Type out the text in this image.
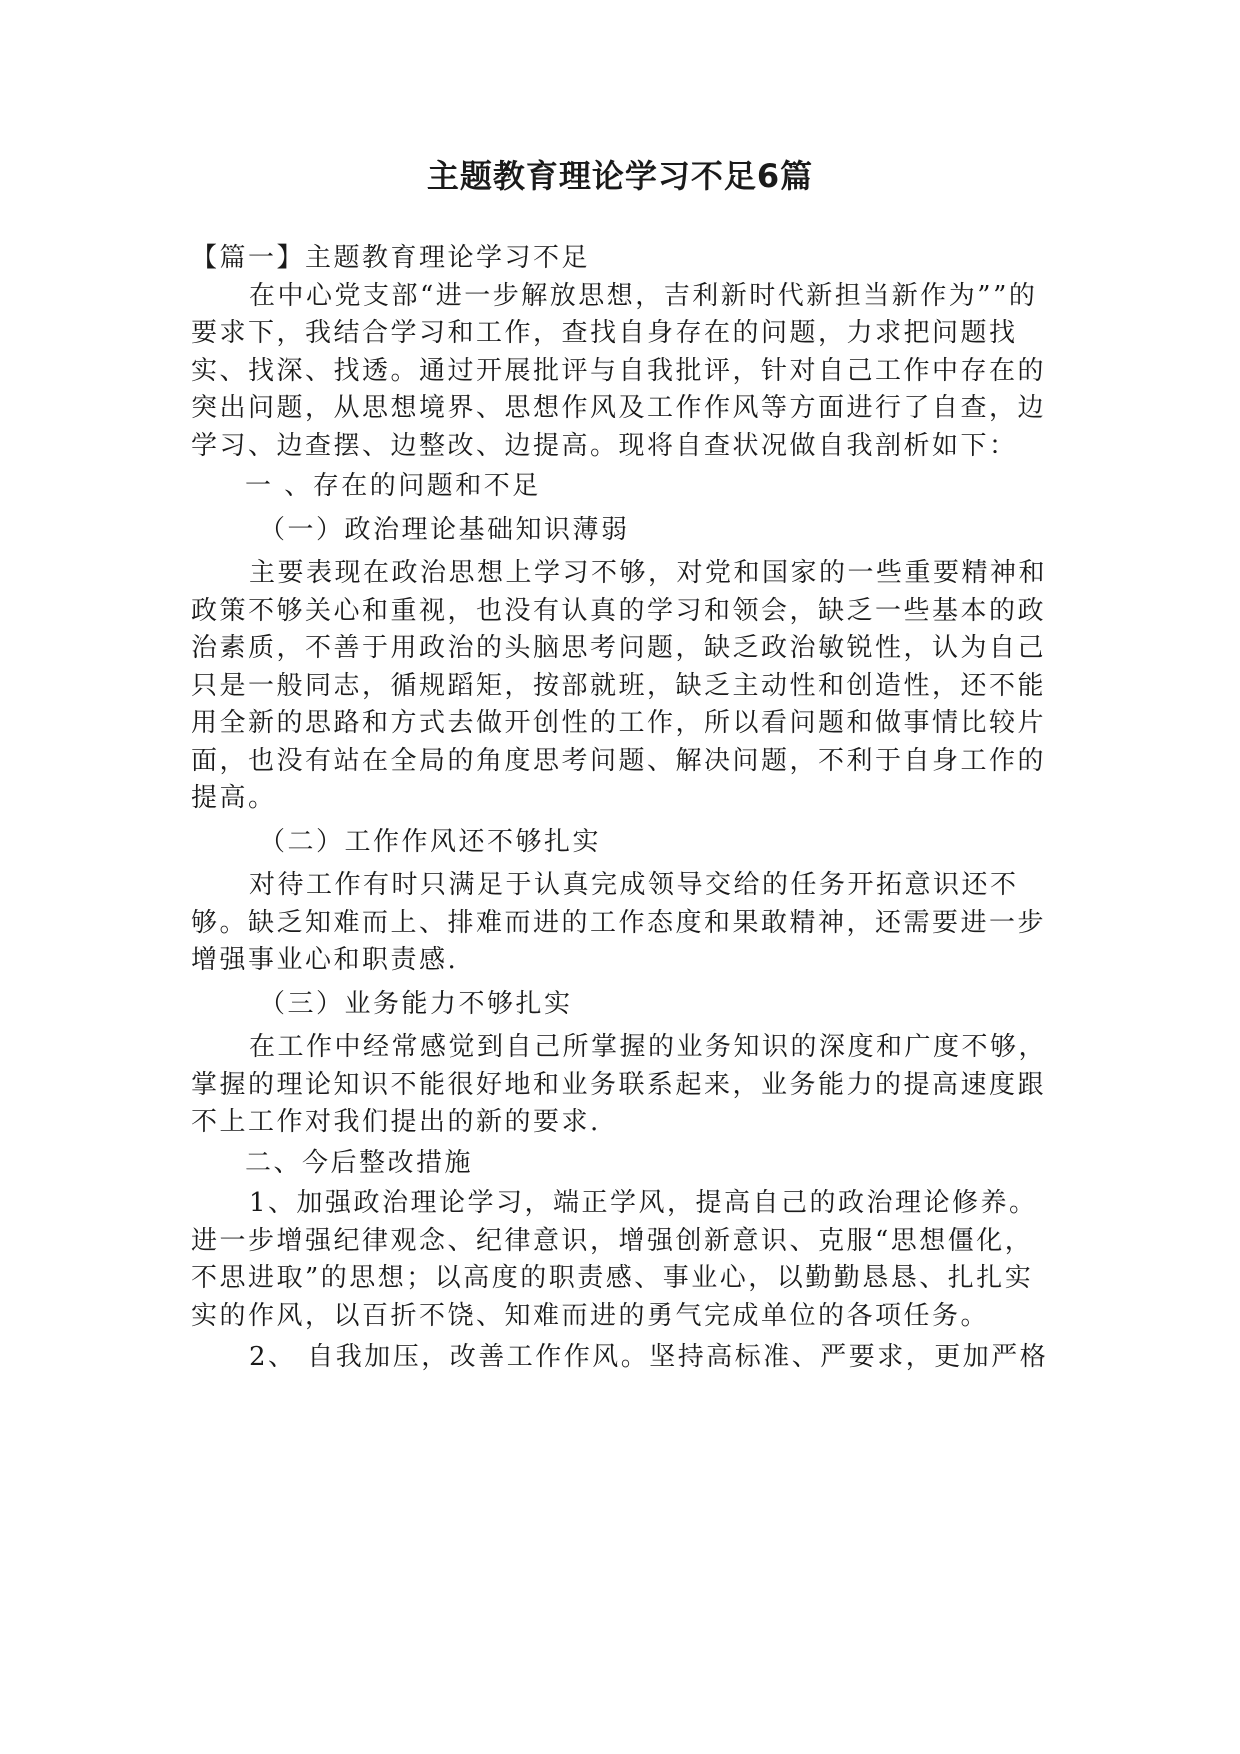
主题教育理论学习不足6篇

【篇一】主题教育理论学习不足

在中心党支部“进一步解放思想，吉利新时代新担当新作为””的要求下，我结合学习和工作，查找自身存在的问题，力求把问题找实、找深、找透。通过开展批评与自我批评，针对自己工作中存在的突出问题，从思想境界、思想作风及工作作风等方面进行了自查，边学习、边查摆、边整改、边提高。现将自查状况做自我剖析如下：

一 、存在的问题和不足

（一）政治理论基础知识薄弱

主要表现在政治思想上学习不够，对党和国家的一些重要精神和政策不够关心和重视，也没有认真的学习和领会，缺乏一些基本的政治素质，不善于用政治的头脑思考问题，缺乏政治敏锐性，认为自己只是一般同志，循规蹈矩，按部就班，缺乏主动性和创造性，还不能用全新的思路和方式去做开创性的工作，所以看问题和做事情比较片面，也没有站在全局的角度思考问题、解决问题，不利于自身工作的提高。

（二）工作作风还不够扎实

对待工作有时只满足于认真完成领导交给的任务开拓意识还不够。缺乏知难而上、排难而进的工作态度和果敢精神，还需要进一步增强事业心和职责感.

（三）业务能力不够扎实

在工作中经常感觉到自己所掌握的业务知识的深度和广度不够，掌握的理论知识不能很好地和业务联系起来，业务能力的提高速度跟不上工作对我们提出的新的要求.

二、今后整改措施

1、加强政治理论学习，端正学风，提高自己的政治理论修养。进一步增强纪律观念、纪律意识，增强创新意识、克服“思想僵化，不思进取”的思想；以高度的职责感、事业心，以勤勤恳恳、扎扎实实的作风，以百折不饶、知难而进的勇气完成单位的各项任务。

2、 自我加压，改善工作作风。坚持高标准、严要求，更加严格
